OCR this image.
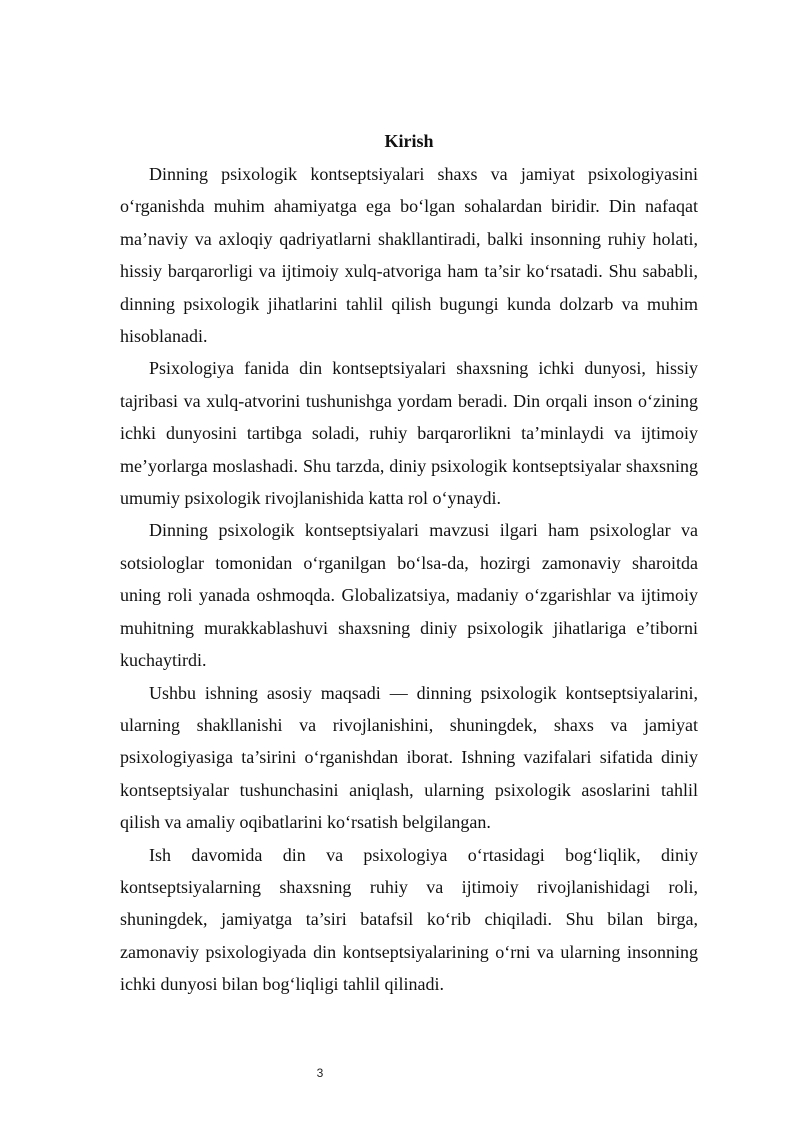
Kirish

Dinning psixologik kontseptsiyalari shaxs va jamiyat psixologiyasini o‘rganishda muhim ahamiyatga ega bo‘lgan sohalardan biridir. Din nafaqat ma’naviy va axloqiy qadriyatlarni shakllantiradi, balki insonning ruhiy holati, hissiy barqarorligi va ijtimoiy xulq-atvoriga ham ta’sir ko‘rsatadi. Shu sababli, dinning psixologik jihatlarini tahlil qilish bugungi kunda dolzarb va muhim hisoblanadi.

Psixologiya fanida din kontseptsiyalari shaxsning ichki dunyosi, hissiy tajribasi va xulq-atvorini tushunishga yordam beradi. Din orqali inson o‘zining ichki dunyosini tartibga soladi, ruhiy barqarorlikni ta’minlaydi va ijtimoiy me’yorlarga moslashadi. Shu tarzda, diniy psixologik kontseptsiyalar shaxsning umumiy psixologik rivojlanishida katta rol o‘ynaydi.

Dinning psixologik kontseptsiyalari mavzusi ilgari ham psixologlar va sotsiologlar tomonidan o‘rganilgan bo‘lsa-da, hozirgi zamonaviy sharoitda uning roli yanada oshmoqda. Globalizatsiya, madaniy o‘zgarishlar va ijtimoiy muhitning murakkablashuvi shaxsning diniy psixologik jihatlariga e’tiborni kuchaytirdi.

Ushbu ishning asosiy maqsadi — dinning psixologik kontseptsiyalarini, ularning shakllanishi va rivojlanishini, shuningdek, shaxs va jamiyat psixologiyasiga ta’sirini o‘rganishdan iborat. Ishning vazifalari sifatida diniy kontseptsiyalar tushunchasini aniqlash, ularning psixologik asoslarini tahlil qilish va amaliy oqibatlarini ko‘rsatish belgilangan.

Ish davomida din va psixologiya o‘rtasidagi bog‘liqlik, diniy kontseptsiyalarning shaxsning ruhiy va ijtimoiy rivojlanishidagi roli, shuningdek, jamiyatga ta’siri batafsil ko‘rib chiqiladi. Shu bilan birga, zamonaviy psixologiyada din kontseptsiyalarining o‘rni va ularning insonning ichki dunyosi bilan bog‘liqligi tahlil qilinadi.

3
